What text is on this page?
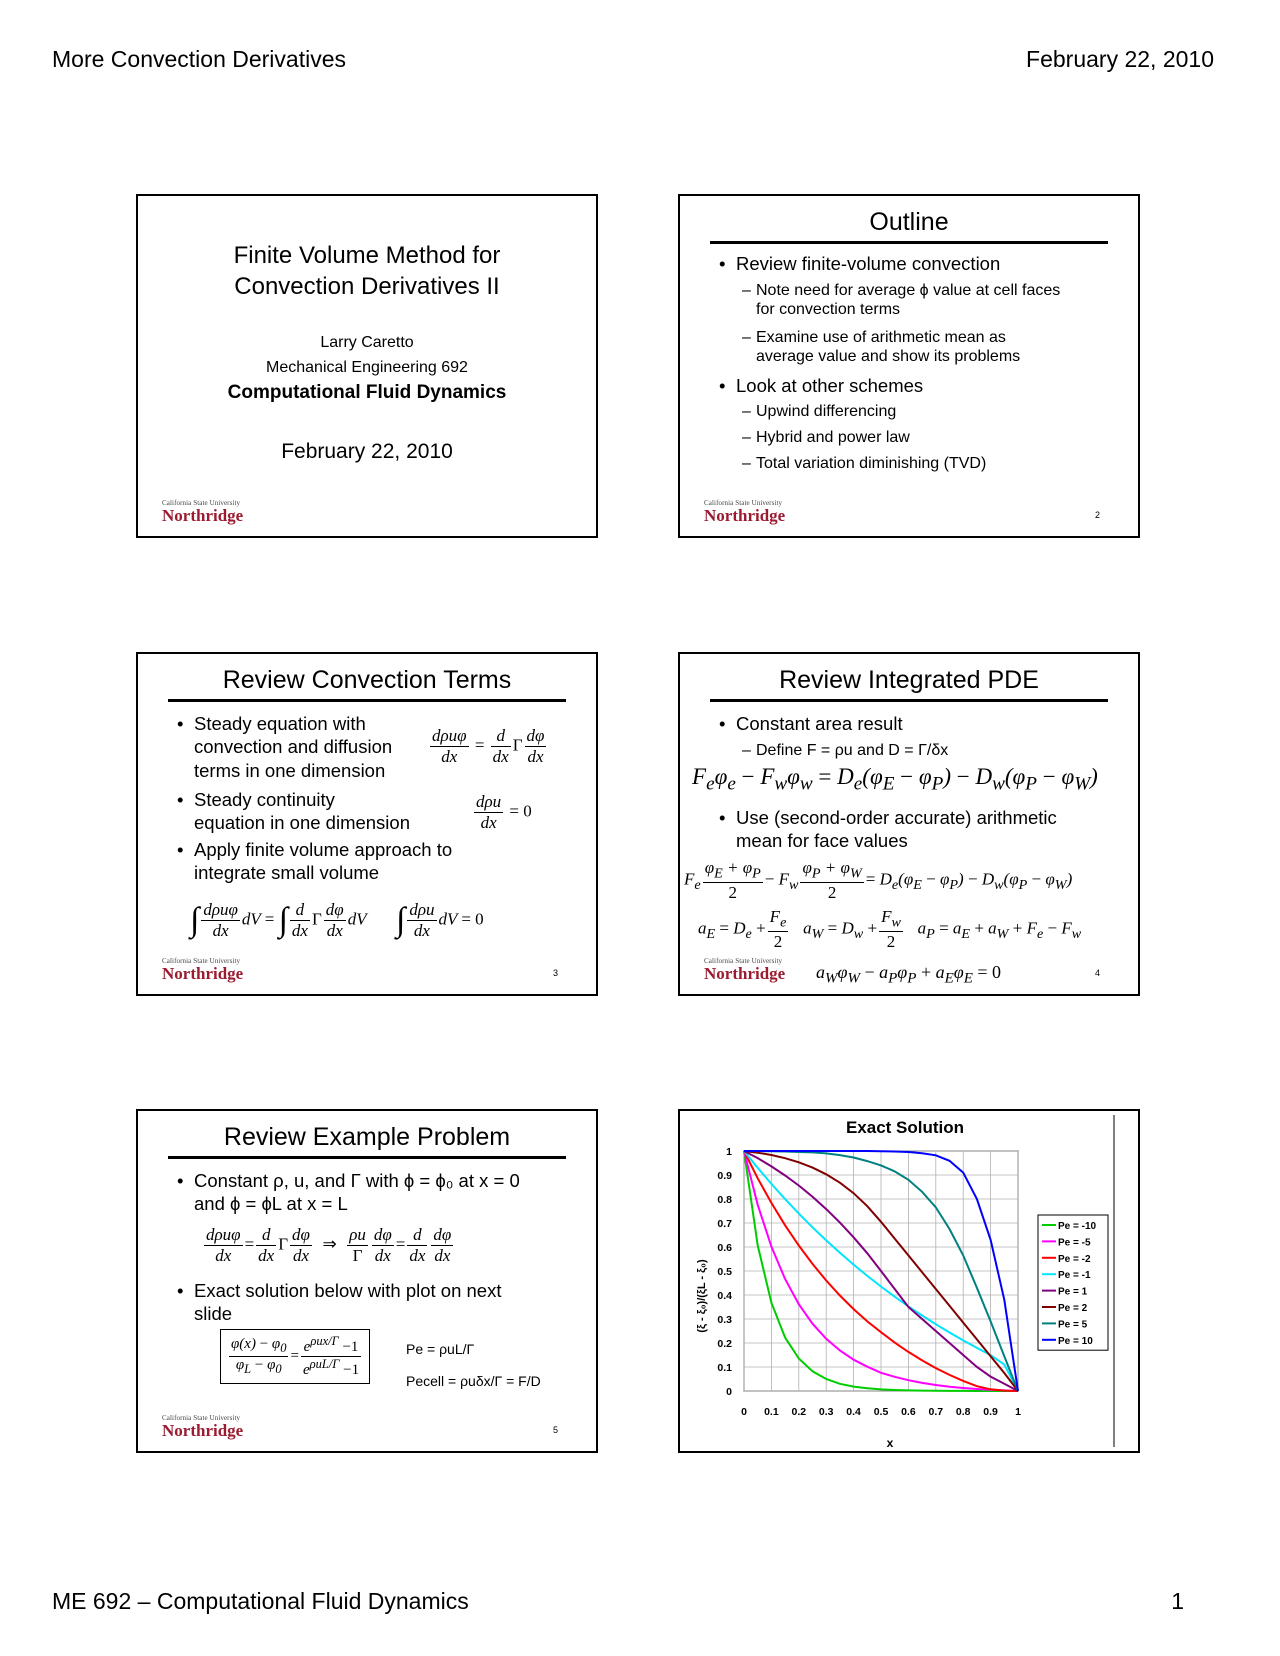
More Convection Derivatives	February 22, 2010
Finite Volume Method for
Convection Derivatives II
Larry Caretto
Mechanical Engineering 692
Computational Fluid Dynamics
February 22, 2010
California State University
Northridge
Outline
• Review finite-volume convection
– Note need for average ϕ value at cell faces
for convection terms
– Examine use of arithmetic mean as
average value and show its problems
• Look at other schemes
– Upwind differencing
– Hybrid and power law
– Total variation diminishing (TVD)
California State University
Northridge	2
Review Convection Terms
• Steady equation with
convection and diffusion
terms in one dimension
• Steady continuity
equation in one dimension
• Apply finite volume approach to
integrate small volume
$\frac{\text{dρuφ}}{dx} = \frac{d}{dx}$ Γ $\frac{d\varphi}{dx}$
$\frac{\text{dρu}}{dx} = 0$
∫ $\frac{\text{dρuφ}}{dx}$ dV = ∫ $\frac{d}{dx}$ Γ $\frac{d\varphi}{dx}$ dV       ∫ $\frac{\text{dρu}}{dx}$ dV = 0
California State University
Northridge	3
Review Integrated PDE
• Constant area result
– Define F = ρu and D = Γ/δx
$F_e\varphi_e - F_w\varphi_w = D_e(\varphi_E - \varphi_P) - D_w(\varphi_P - \varphi_W)$
• Use (second-order accurate) arithmetic
mean for face values
$F_e \frac{\varphi_E + \varphi_P}{2} - F_w \frac{\varphi_P + \varphi_W}{2} = D_e(\varphi_E - \varphi_P) - D_w(\varphi_P - \varphi_W)$
$a_E = D_e + \frac{F_e}{2} a_W = D_w + \frac{F_w}{2} a_P = a_E + a_W + F_e - F_w$
$a_W\varphi_W - a_P\varphi_P + a_E\varphi_E = 0$
California State University
Northridge	4
Review Example Problem
• Constant ρ, u, and Γ with ϕ = ϕ₀ at x = 0
and ϕ = ϕL at x = L
$\frac{\text{dρuφ}}{dx} = \frac{d}{dx}$ Γ $\frac{d\varphi}{dx}$ ⇒ $\frac{\rho u}{\Gamma} \frac{d\varphi}{dx} = \frac{d}{dx} \frac{d\varphi}{dx}$
• Exact solution below with plot on next
slide
$\frac{\varphi(x) - \varphi_0}{\varphi_L - \varphi_0} = \frac{e^{\rho ux/\Gamma} -1}{e^{\rho uL/\Gamma} -1}$	Pe = ρuL/Γ
Pecell = ρuδx/Γ = F/D
California State University
Northridge	5
0 0.1 0.2 0.3 0.4 0.5 0.6 0.7 0.8 0.9 1
0
0.1
0.2
0.3
0.4
0.5
0.6
0.7
0.8
0.9
1
Pe = -10
Pe = -5
Pe = -2
Pe = -1
Pe = 1
Pe = 2
Pe = 5
Pe = 10
Exact Solution
x
(ξ - ξ₀)/(ξL - ξ₀)
ME 692 – Computational Fluid Dynamics	1
